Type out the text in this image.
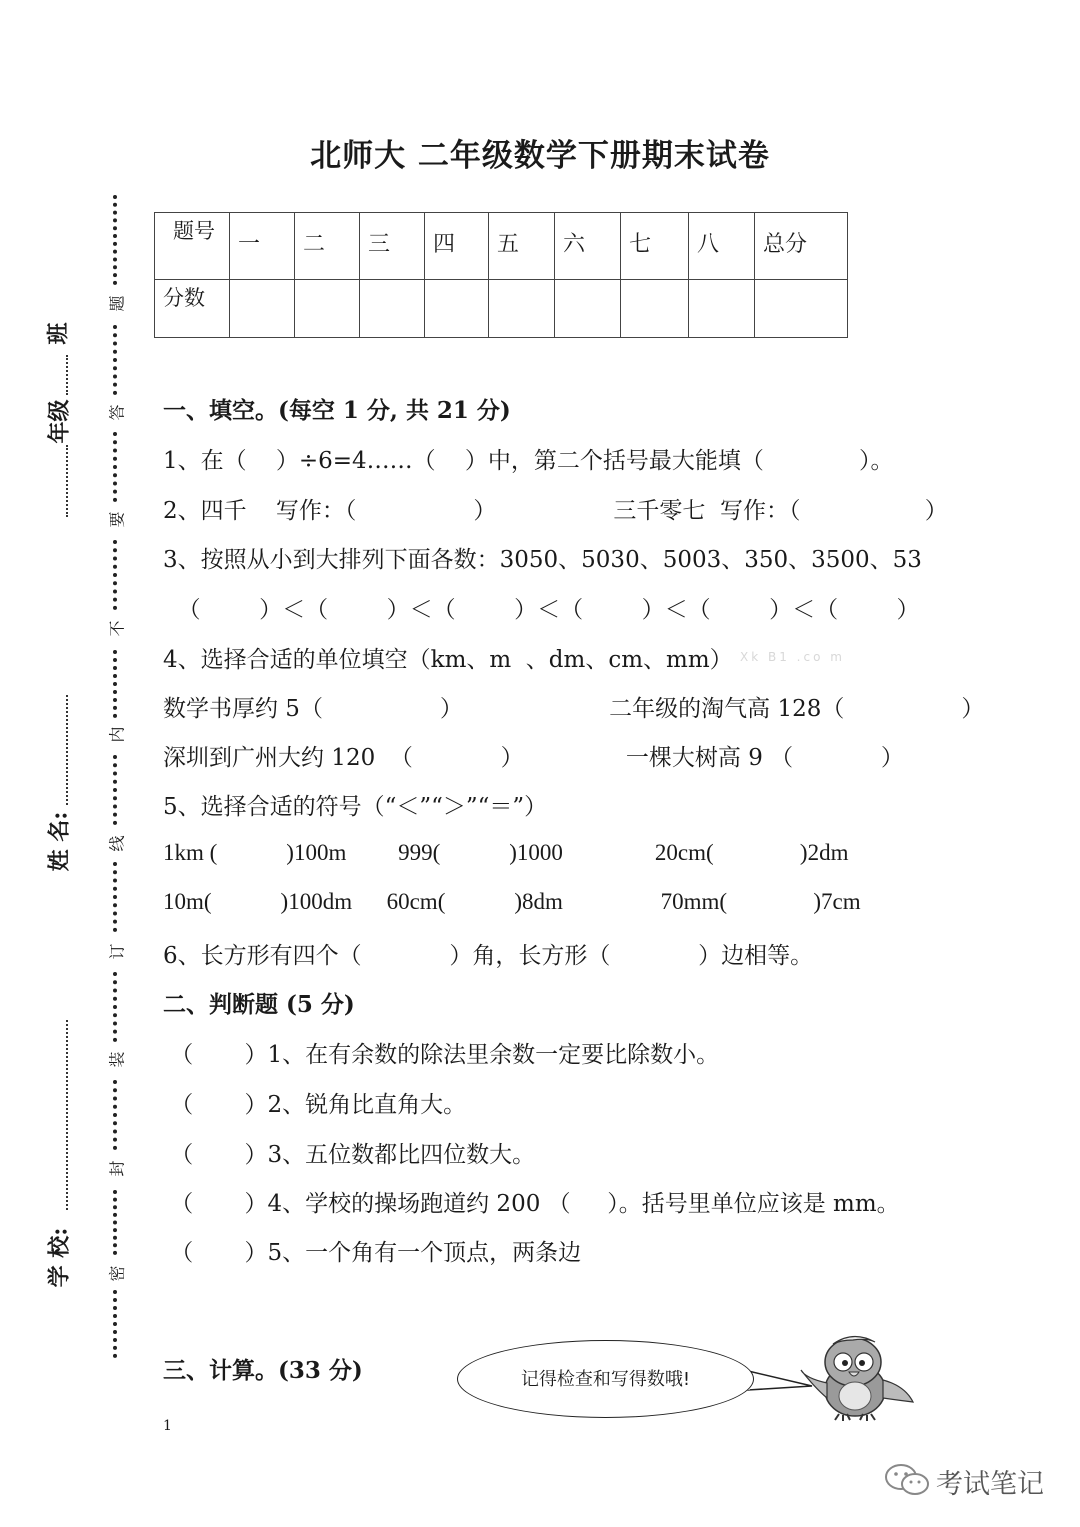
北师大 二年级数学下册期末试卷
题号	一	二	三	四	五	六	七	八	总分

分数									

题
答
要
不
内
线
订
装
封
密
班
年级
姓 名:
学 校:
一、填空。(每空 1 分, 共 21 分)
1、在（    ）÷6=4……（    ）中，第二个括号最大能填（             ）。
2、四千    写作：（                ）                三千零七  写作：（                 ）
3、按照从小到大排列下面各数：3050、5030、5003、350、3500、53
（        ）＜（        ）＜（        ）＜（        ）＜（        ）＜（        ）
4、选择合适的单位填空（km、m  、dm、cm、mm） Xk B1 .co m
数学书厚约 5（                ）                    二年级的淘气高 128（                ）
深圳到广州大约 120  （            ）              一棵大树高 9 （            ）
5、选择合适的符号（“＜”“＞”“＝”）
1km (            )100m         999(            )1000                20cm(               )2dm
10m(            )100dm      60cm(            )8dm                 70mm(               )7cm
6、长方形有四个（            ）角，长方形（            ）边相等。
二、判断题 (5 分)
（       ）1、在有余数的除法里余数一定要比除数小。
（       ）2、锐角比直角大。
（       ）3、五位数都比四位数大。
（       ）4、学校的操场跑道约 200 （     ）。括号里单位应该是 mm。
（       ）5、一个角有一个顶点，两条边
三、计算。(33 分)	记得检查和写得数哦!
1
考试笔记
